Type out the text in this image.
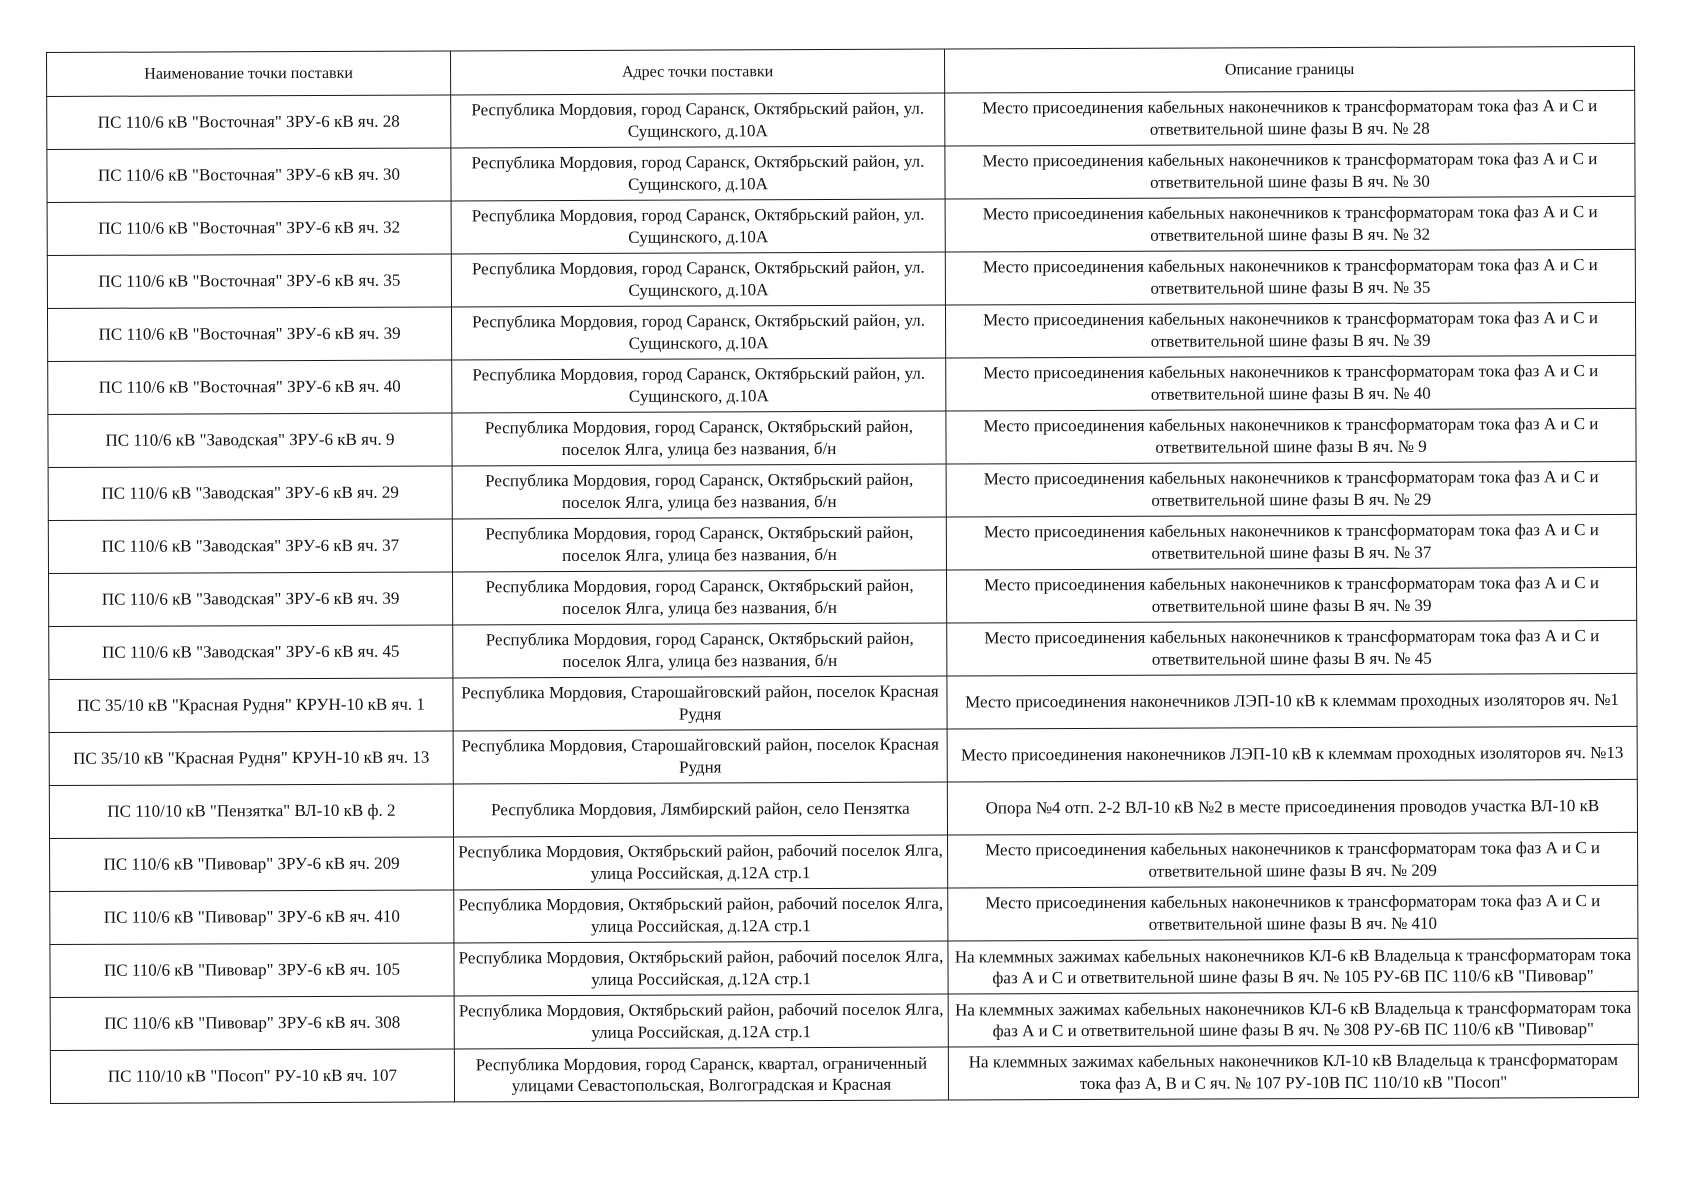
Наименование точки поставки	Адрес точки поставки	Описание границы
ПС 110/6 кВ "Восточная" ЗРУ-6 кВ яч. 28	Республика Мордовия, город Саранск, Октябрьский район, ул. Сущинского, д.10А	Место присоединения кабельных наконечников к трансформаторам тока фаз А и С и ответвительной шине фазы В яч. № 28
ПС 110/6 кВ "Восточная" ЗРУ-6 кВ яч. 30	Республика Мордовия, город Саранск, Октябрьский район, ул. Сущинского, д.10А	Место присоединения кабельных наконечников к трансформаторам тока фаз А и С и ответвительной шине фазы В яч. № 30
ПС 110/6 кВ "Восточная" ЗРУ-6 кВ яч. 32	Республика Мордовия, город Саранск, Октябрьский район, ул. Сущинского, д.10А	Место присоединения кабельных наконечников к трансформаторам тока фаз А и С и ответвительной шине фазы В яч. № 32
ПС 110/6 кВ "Восточная" ЗРУ-6 кВ яч. 35	Республика Мордовия, город Саранск, Октябрьский район, ул. Сущинского, д.10А	Место присоединения кабельных наконечников к трансформаторам тока фаз А и С и ответвительной шине фазы В яч. № 35
ПС 110/6 кВ "Восточная" ЗРУ-6 кВ яч. 39	Республика Мордовия, город Саранск, Октябрьский район, ул. Сущинского, д.10А	Место присоединения кабельных наконечников к трансформаторам тока фаз А и С и ответвительной шине фазы В яч. № 39
ПС 110/6 кВ "Восточная" ЗРУ-6 кВ яч. 40	Республика Мордовия, город Саранск, Октябрьский район, ул. Сущинского, д.10А	Место присоединения кабельных наконечников к трансформаторам тока фаз А и С и ответвительной шине фазы В яч. № 40
ПС 110/6 кВ "Заводская" ЗРУ-6 кВ яч. 9	Республика Мордовия, город Саранск, Октябрьский район, поселок Ялга, улица без названия, б/н	Место присоединения кабельных наконечников к трансформаторам тока фаз А и С и ответвительной шине фазы В яч. № 9
ПС 110/6 кВ "Заводская" ЗРУ-6 кВ яч. 29	Республика Мордовия, город Саранск, Октябрьский район, поселок Ялга, улица без названия, б/н	Место присоединения кабельных наконечников к трансформаторам тока фаз А и С и ответвительной шине фазы В яч. № 29
ПС 110/6 кВ "Заводская" ЗРУ-6 кВ яч. 37	Республика Мордовия, город Саранск, Октябрьский район, поселок Ялга, улица без названия, б/н	Место присоединения кабельных наконечников к трансформаторам тока фаз А и С и ответвительной шине фазы В яч. № 37
ПС 110/6 кВ "Заводская" ЗРУ-6 кВ яч. 39	Республика Мордовия, город Саранск, Октябрьский район, поселок Ялга, улица без названия, б/н	Место присоединения кабельных наконечников к трансформаторам тока фаз А и С и ответвительной шине фазы В яч. № 39
ПС 110/6 кВ "Заводская" ЗРУ-6 кВ яч. 45	Республика Мордовия, город Саранск, Октябрьский район, поселок Ялга, улица без названия, б/н	Место присоединения кабельных наконечников к трансформаторам тока фаз А и С и ответвительной шине фазы В яч. № 45
ПС 35/10 кВ "Красная Рудня" КРУН-10 кВ яч. 1	Республика Мордовия, Старошайговский район, поселок Красная Рудня	Место присоединения наконечников ЛЭП-10 кВ к клеммам проходных изоляторов яч. №1
ПС 35/10 кВ "Красная Рудня" КРУН-10 кВ яч. 13	Республика Мордовия, Старошайговский район, поселок Красная Рудня	Место присоединения наконечников ЛЭП-10 кВ к клеммам проходных изоляторов яч. №13
ПС 110/10 кВ "Пензятка" ВЛ-10 кВ ф. 2	Республика Мордовия, Лямбирский район, село Пензятка	Опора №4 отп. 2-2 ВЛ-10 кВ №2 в месте присоединения проводов участка ВЛ-10 кВ
ПС 110/6 кВ "Пивовар" ЗРУ-6 кВ яч. 209	Республика Мордовия, Октябрьский район, рабочий поселок Ялга, улица Российская, д.12А стр.1	Место присоединения кабельных наконечников к трансформаторам тока фаз А и С и ответвительной шине фазы В яч. № 209
ПС 110/6 кВ "Пивовар" ЗРУ-6 кВ яч. 410	Республика Мордовия, Октябрьский район, рабочий поселок Ялга, улица Российская, д.12А стр.1	Место присоединения кабельных наконечников к трансформаторам тока фаз А и С и ответвительной шине фазы В яч. № 410
ПС 110/6 кВ "Пивовар" ЗРУ-6 кВ яч. 105	Республика Мордовия, Октябрьский район, рабочий поселок Ялга, улица Российская, д.12А стр.1	На клеммных зажимах кабельных наконечников КЛ-6 кВ Владельца к трансформаторам тока фаз А и С и ответвительной шине фазы В яч. № 105 РУ-6В ПС 110/6 кВ "Пивовар"

ПС 110/6 кВ "Пивовар" ЗРУ-6 кВ яч. 308	Республика Мордовия, Октябрьский район, рабочий поселок Ялга, улица Российская, д.12А стр.1	На клеммных зажимах кабельных наконечников КЛ-6 кВ Владельца к трансформаторам тока фаз А и С и ответвительной шине фазы В яч. № 308 РУ-6В ПС 110/6 кВ "Пивовар"

ПС 110/10 кВ "Посоп" РУ-10 кВ яч. 107	Республика Мордовия, город Саранск, квартал, ограниченный улицами Севастопольская, Волгоградская и Красная	На клеммных зажимах кабельных наконечников КЛ-10 кВ Владельца к трансформаторам тока фаз А, В и С яч. № 107 РУ-10В ПС 110/10 кВ "Посоп"
